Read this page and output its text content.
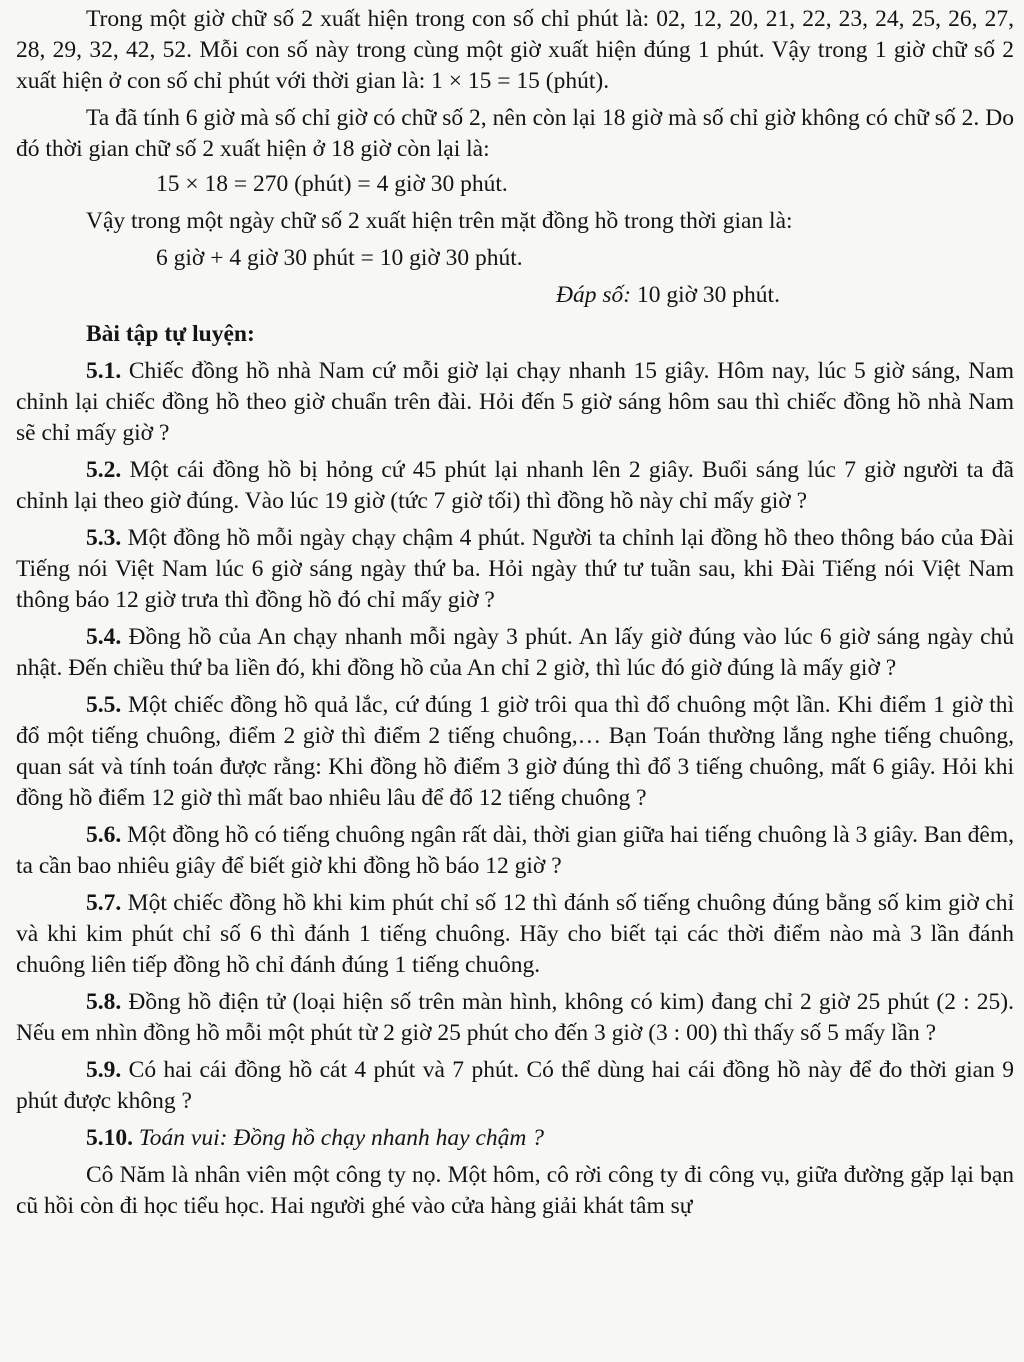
Trong một giờ chữ số 2 xuất hiện trong con số chỉ phút là: 02, 12, 20, 21, 22, 23, 24, 25, 26, 27, 28, 29, 32, 42, 52. Mỗi con số này trong cùng một giờ xuất hiện đúng 1 phút. Vậy trong 1 giờ chữ số 2 xuất hiện ở con số chỉ phút với thời gian là: 1 × 15 = 15 (phút).

Ta đã tính 6 giờ mà số chỉ giờ có chữ số 2, nên còn lại 18 giờ mà số chỉ giờ không có chữ số 2. Do đó thời gian chữ số 2 xuất hiện ở 18 giờ còn lại là:

15 × 18 = 270 (phút) = 4 giờ 30 phút.

Vậy trong một ngày chữ số 2 xuất hiện trên mặt đồng hồ trong thời gian là:

6 giờ + 4 giờ 30 phút = 10 giờ 30 phút.

Đáp số: 10 giờ 30 phút.

Bài tập tự luyện:

5.1. Chiếc đồng hồ nhà Nam cứ mỗi giờ lại chạy nhanh 15 giây. Hôm nay, lúc 5 giờ sáng, Nam chỉnh lại chiếc đồng hồ theo giờ chuẩn trên đài. Hỏi đến 5 giờ sáng hôm sau thì chiếc đồng hồ nhà Nam sẽ chỉ mấy giờ ?

5.2. Một cái đồng hồ bị hỏng cứ 45 phút lại nhanh lên 2 giây. Buổi sáng lúc 7 giờ người ta đã chỉnh lại theo giờ đúng. Vào lúc 19 giờ (tức 7 giờ tối) thì đồng hồ này chỉ mấy giờ ?

5.3. Một đồng hồ mỗi ngày chạy chậm 4 phút. Người ta chỉnh lại đồng hồ theo thông báo của Đài Tiếng nói Việt Nam lúc 6 giờ sáng ngày thứ ba. Hỏi ngày thứ tư tuần sau, khi Đài Tiếng nói Việt Nam thông báo 12 giờ trưa thì đồng hồ đó chỉ mấy giờ ?

5.4. Đồng hồ của An chạy nhanh mỗi ngày 3 phút. An lấy giờ đúng vào lúc 6 giờ sáng ngày chủ nhật. Đến chiều thứ ba liền đó, khi đồng hồ của An chỉ 2 giờ, thì lúc đó giờ đúng là mấy giờ ?

5.5. Một chiếc đồng hồ quả lắc, cứ đúng 1 giờ trôi qua thì đổ chuông một lần. Khi điểm 1 giờ thì đổ một tiếng chuông, điểm 2 giờ thì điểm 2 tiếng chuông,… Bạn Toán thường lắng nghe tiếng chuông, quan sát và tính toán được rằng: Khi đồng hồ điểm 3 giờ đúng thì đổ 3 tiếng chuông, mất 6 giây. Hỏi khi đồng hồ điểm 12 giờ thì mất bao nhiêu lâu để đổ 12 tiếng chuông ?

5.6. Một đồng hồ có tiếng chuông ngân rất dài, thời gian giữa hai tiếng chuông là 3 giây. Ban đêm, ta cần bao nhiêu giây để biết giờ khi đồng hồ báo 12 giờ ?

5.7. Một chiếc đồng hồ khi kim phút chỉ số 12 thì đánh số tiếng chuông đúng bằng số kim giờ chỉ và khi kim phút chỉ số 6 thì đánh 1 tiếng chuông. Hãy cho biết tại các thời điểm nào mà 3 lần đánh chuông liên tiếp đồng hồ chỉ đánh đúng 1 tiếng chuông.

5.8. Đồng hồ điện tử (loại hiện số trên màn hình, không có kim) đang chỉ 2 giờ 25 phút (2 : 25). Nếu em nhìn đồng hồ mỗi một phút từ 2 giờ 25 phút cho đến 3 giờ (3 : 00) thì thấy số 5 mấy lần ?

5.9. Có hai cái đồng hồ cát 4 phút và 7 phút. Có thể dùng hai cái đồng hồ này để đo thời gian 9 phút được không ?

5.10. Toán vui: Đồng hồ chạy nhanh hay chậm ?

Cô Năm là nhân viên một công ty nọ. Một hôm, cô rời công ty đi công vụ, giữa đường gặp lại bạn cũ hồi còn đi học tiểu học. Hai người ghé vào cửa hàng giải khát tâm sự
